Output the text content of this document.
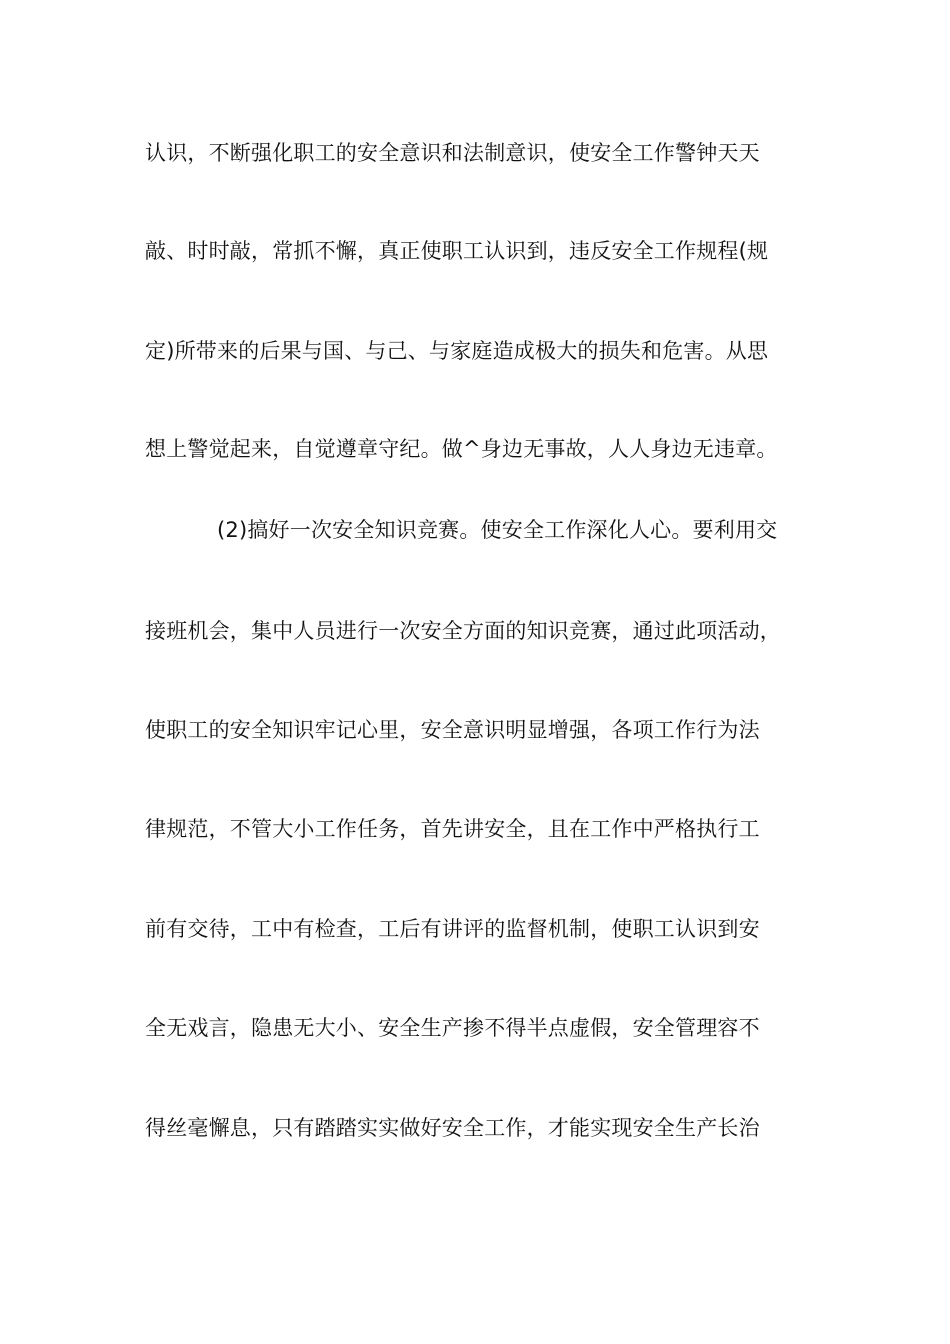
认识，不断强化职工的安全意识和法制意识，使安全工作警钟天天
敲、时时敲，常抓不懈，真正使职工认识到，违反安全工作规程(规
定)所带来的后果与国、与己、与家庭造成极大的损失和危害。从思
想上警觉起来，自觉遵章守纪。做^身边无事故，人人身边无违章。
(2)搞好一次安全知识竞赛。使安全工作深化人心。要利用交
接班机会，集中人员进行一次安全方面的知识竞赛，通过此项活动，
使职工的安全知识牢记心里，安全意识明显增强，各项工作行为法
律规范，不管大小工作任务，首先讲安全，且在工作中严格执行工
前有交待，工中有检查，工后有讲评的监督机制，使职工认识到安
全无戏言，隐患无大小、安全生产掺不得半点虚假，安全管理容不
得丝毫懈息，只有踏踏实实做好安全工作，才能实现安全生产长治
